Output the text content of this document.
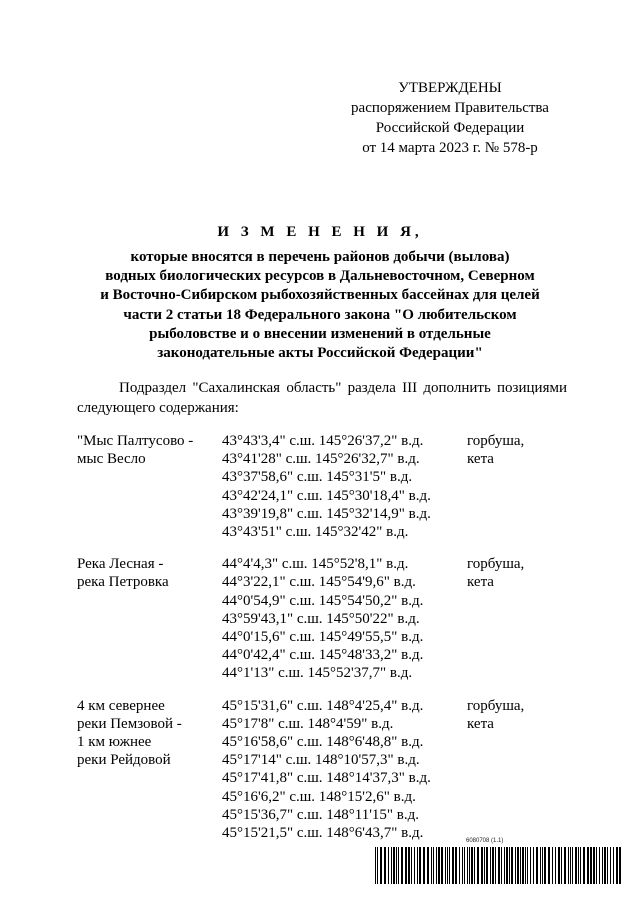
УТВЕРЖДЕНЫ
распоряжением Правительства
Российской Федерации
от 14 марта 2023 г. № 578-р
И З М Е Н Е Н И Я,
которые вносятся в перечень районов добычи (вылова)
водных биологических ресурсов в Дальневосточном, Северном
и Восточно-Сибирском рыбохозяйственных бассейнах для целей
части 2 статьи 18 Федерального закона "О любительском
рыболовстве и о внесении изменений в отдельные
законодательные акты Российской Федерации"
Подраздел "Сахалинская область" раздела III дополнить позициями
следующего содержания:
"Мыс Палтусово -
мыс Весло
43°43'3,4" с.ш. 145°26'37,2" в.д.
43°41'28" с.ш. 145°26'32,7" в.д.
43°37'58,6" с.ш. 145°31'5" в.д.
43°42'24,1" с.ш. 145°30'18,4" в.д.
43°39'19,8" с.ш. 145°32'14,9" в.д.
43°43'51" с.ш. 145°32'42" в.д.
горбуша,
кета
Река Лесная -
река Петровка
44°4'4,3" с.ш. 145°52'8,1" в.д.
44°3'22,1" с.ш. 145°54'9,6" в.д.
44°0'54,9" с.ш. 145°54'50,2" в.д.
43°59'43,1" с.ш. 145°50'22" в.д.
44°0'15,6" с.ш. 145°49'55,5" в.д.
44°0'42,4" с.ш. 145°48'33,2" в.д.
44°1'13" с.ш. 145°52'37,7" в.д.
горбуша,
кета
4 км севернее
реки Пемзовой -
1 км южнее
реки Рейдовой
45°15'31,6" с.ш. 148°4'25,4" в.д.
45°17'8" с.ш. 148°4'59" в.д.
45°16'58,6" с.ш. 148°6'48,8" в.д.
45°17'14" с.ш. 148°10'57,3" в.д.
45°17'41,8" с.ш. 148°14'37,3" в.д.
45°16'6,2" с.ш. 148°15'2,6" в.д.
45°15'36,7" с.ш. 148°11'15" в.д.
45°15'21,5" с.ш. 148°6'43,7" в.д.
горбуша,
кета
6080708 (1.1)
